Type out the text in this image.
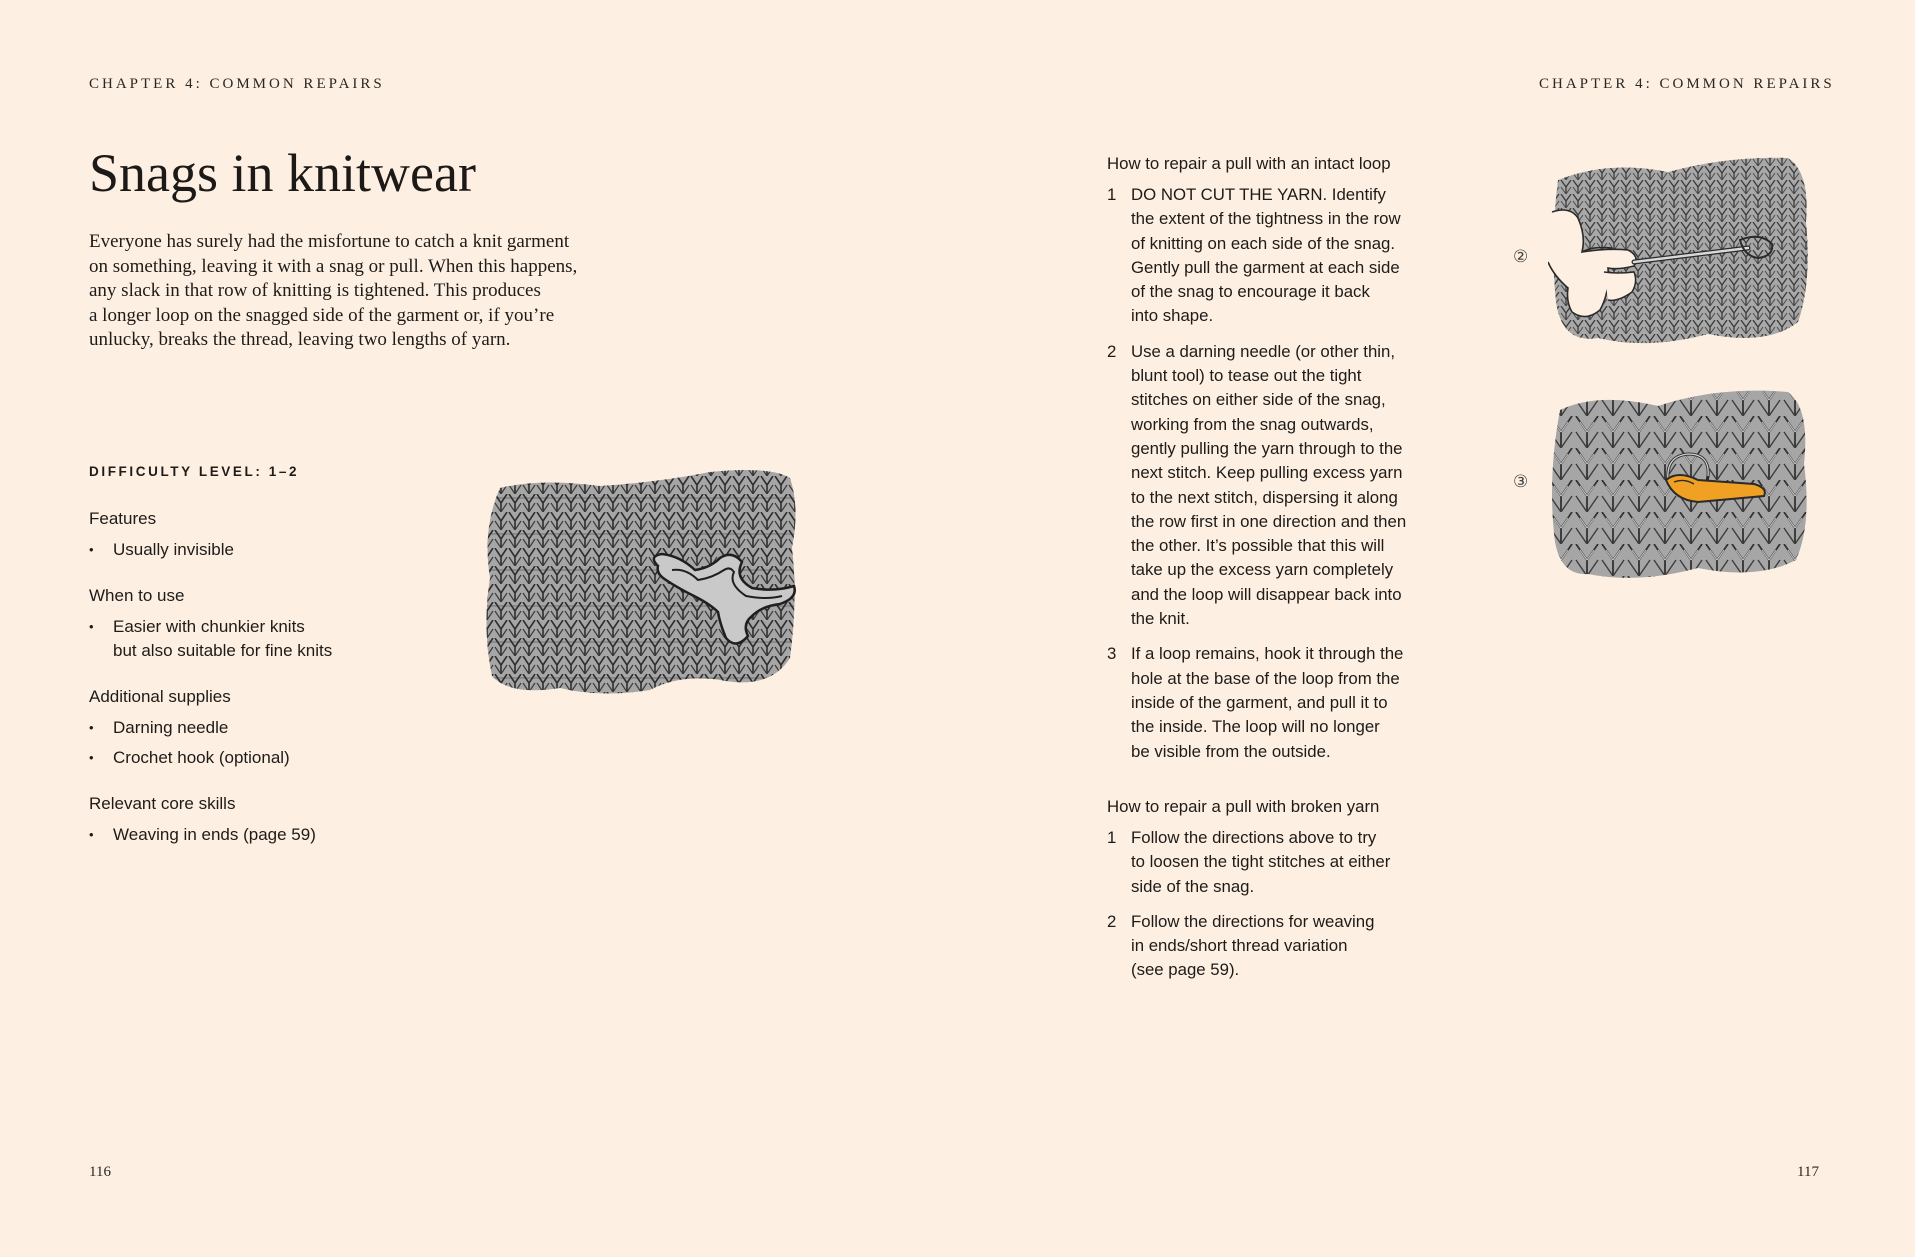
CHAPTER 4: COMMON REPAIRS
Snags in knitwear
Everyone has surely had the misfortune to catch a knit garment
on something, leaving it with a snag or pull. When this happens,
any slack in that row of knitting is tightened. This produces
a longer loop on the snagged side of the garment or, if you’re
unlucky, breaks the thread, leaving two lengths of yarn.
DIFFICULTY LEVEL: 1–2
Features
• Usually invisible
When to use
• Easier with chunkier knits
but also suitable for fine knits
Additional supplies
• Darning needle
• Crochet hook (optional)
Relevant core skills
• Weaving in ends (page 59)
116
CHAPTER 4: COMMON REPAIRS
How to repair a pull with an intact loop
1 DO NOT CUT THE YARN. Identify
the extent of the tightness in the row
of knitting on each side of the snag.
Gently pull the garment at each side
of the snag to encourage it back
into shape.
2 Use a darning needle (or other thin,
blunt tool) to tease out the tight
stitches on either side of the snag,
working from the snag outwards,
gently pulling the yarn through to the
next stitch. Keep pulling excess yarn
to the next stitch, dispersing it along
the row first in one direction and then
the other. It’s possible that this will
take up the excess yarn completely
and the loop will disappear back into
the knit.
3 If a loop remains, hook it through the
hole at the base of the loop from the
inside of the garment, and pull it to
the inside. The loop will no longer
be visible from the outside.
How to repair a pull with broken yarn
1 Follow the directions above to try
to loosen the tight stitches at either
side of the snag.
2 Follow the directions for weaving
in ends/short thread variation
(see page 59).
②
③
117
